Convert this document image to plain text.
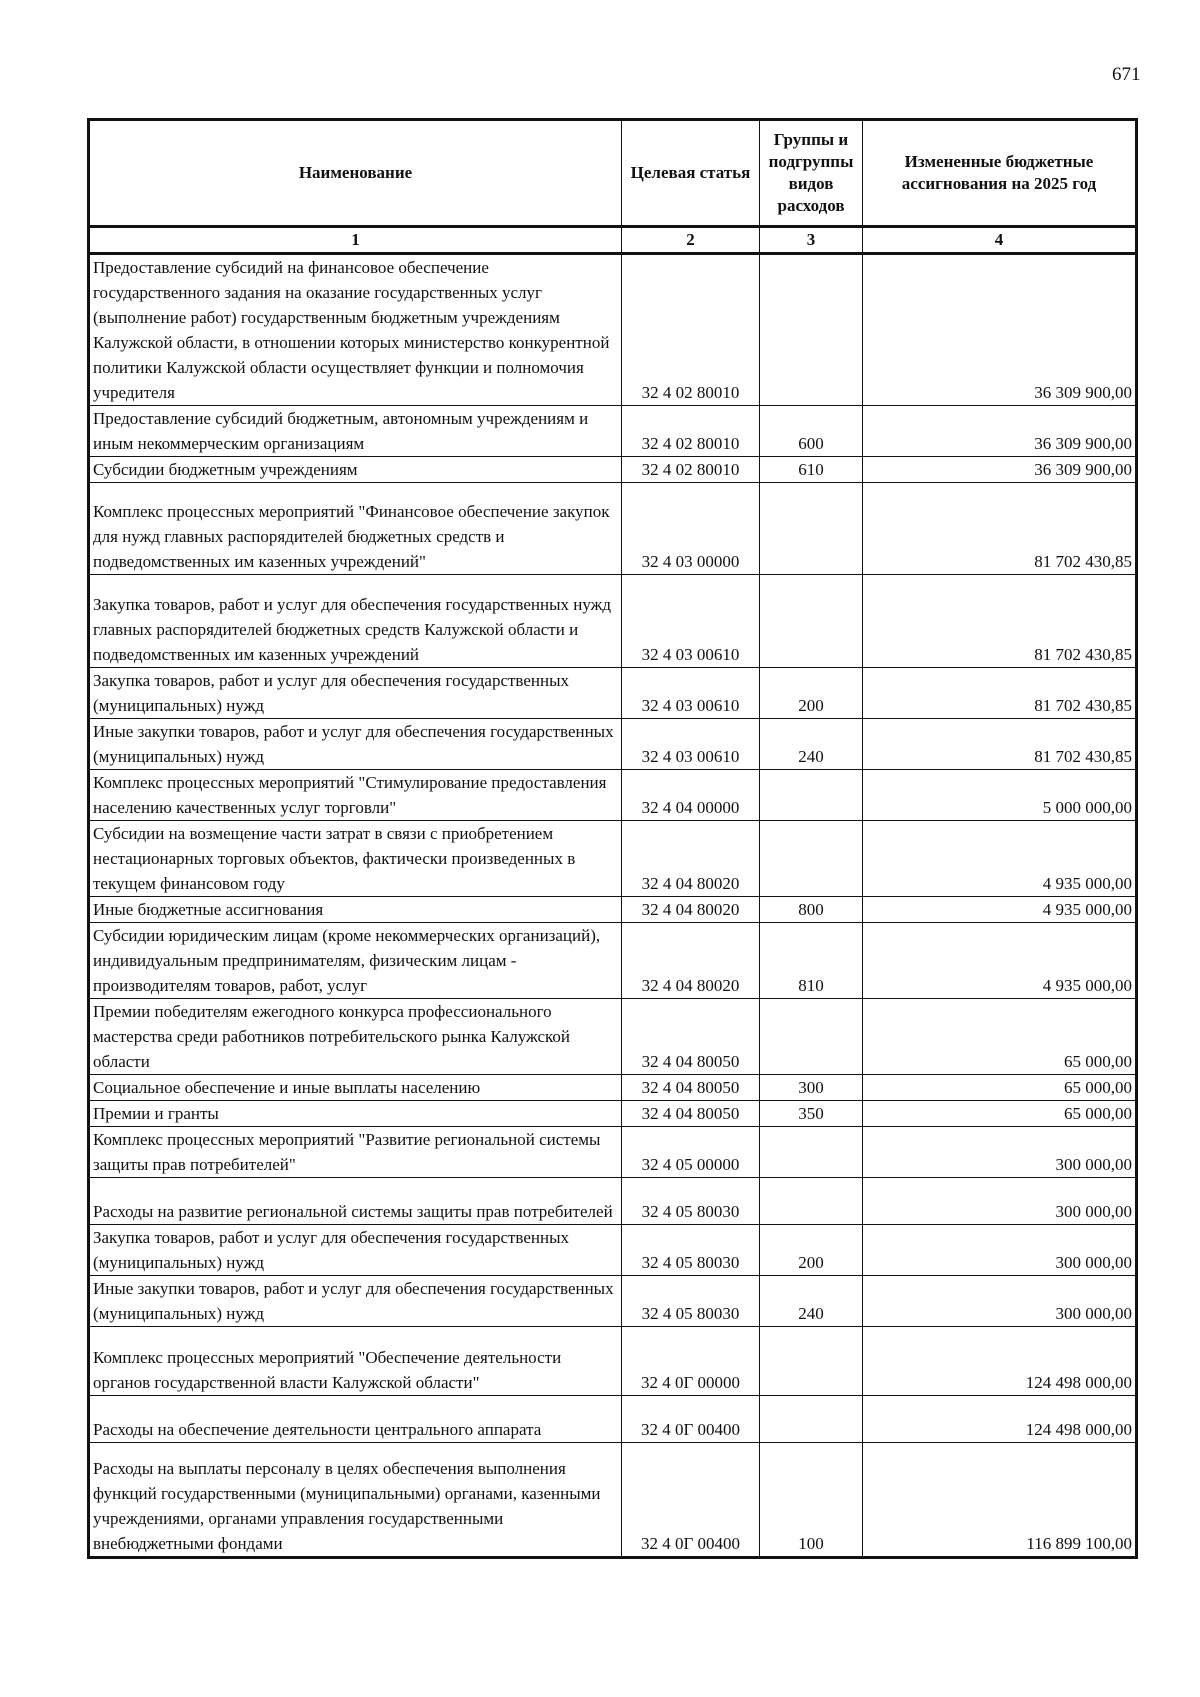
671
Наименование	Целевая статья	Группы и подгруппы видов расходов	Измененные бюджетные ассигнования на 2025 год
1	2	3	4
Предоставление субсидий на финансовое обеспечение государственного задания на оказание государственных услуг (выполнение работ) государственным бюджетным учреждениям Калужской области, в отношении которых министерство конкурентной политики Калужской области осуществляет функции и полномочия учредителя	32 4 02 80010		36 309 900,00
Предоставление субсидий бюджетным, автономным учреждениям и иным некоммерческим организациям	32 4 02 80010	600	36 309 900,00
Субсидии бюджетным учреждениям	32 4 02 80010	610	36 309 900,00
Комплекс процессных мероприятий "Финансовое обеспечение закупок для нужд главных распорядителей бюджетных средств и подведомственных им казенных учреждений"	32 4 03 00000		81 702 430,85
Закупка товаров, работ и услуг для обеспечения государственных нужд главных распорядителей бюджетных средств Калужской области и подведомственных им казенных учреждений	32 4 03 00610		81 702 430,85
Закупка товаров, работ и услуг для обеспечения государственных (муниципальных) нужд	32 4 03 00610	200	81 702 430,85
Иные закупки товаров, работ и услуг для обеспечения государственных (муниципальных) нужд	32 4 03 00610	240	81 702 430,85
Комплекс процессных мероприятий "Стимулирование предоставления населению качественных услуг торговли"	32 4 04 00000		5 000 000,00
Субсидии на возмещение части затрат в связи с приобретением нестационарных торговых объектов, фактически произведенных в текущем финансовом году	32 4 04 80020		4 935 000,00
Иные бюджетные ассигнования	32 4 04 80020	800	4 935 000,00
Субсидии юридическим лицам (кроме некоммерческих организаций), индивидуальным предпринимателям, физическим лицам - производителям товаров, работ, услуг	32 4 04 80020	810	4 935 000,00
Премии победителям ежегодного конкурса профессионального мастерства среди работников потребительского рынка Калужской области	32 4 04 80050		65 000,00
Социальное обеспечение и иные выплаты населению	32 4 04 80050	300	65 000,00
Премии и гранты	32 4 04 80050	350	65 000,00
Комплекс процессных мероприятий "Развитие региональной системы защиты прав потребителей"	32 4 05 00000		300 000,00
Расходы на развитие региональной системы защиты прав потребителей	32 4 05 80030		300 000,00
Закупка товаров, работ и услуг для обеспечения государственных (муниципальных) нужд	32 4 05 80030	200	300 000,00
Иные закупки товаров, работ и услуг для обеспечения государственных (муниципальных) нужд	32 4 05 80030	240	300 000,00
Комплекс процессных мероприятий "Обеспечение деятельности органов государственной власти Калужской области"	32 4 0Г 00000		124 498 000,00
Расходы на обеспечение деятельности центрального аппарата	32 4 0Г 00400		124 498 000,00
Расходы на выплаты персоналу в целях обеспечения выполнения функций государственными (муниципальными) органами, казенными учреждениями, органами управления государственными внебюджетными фондами	32 4 0Г 00400	100	116 899 100,00
